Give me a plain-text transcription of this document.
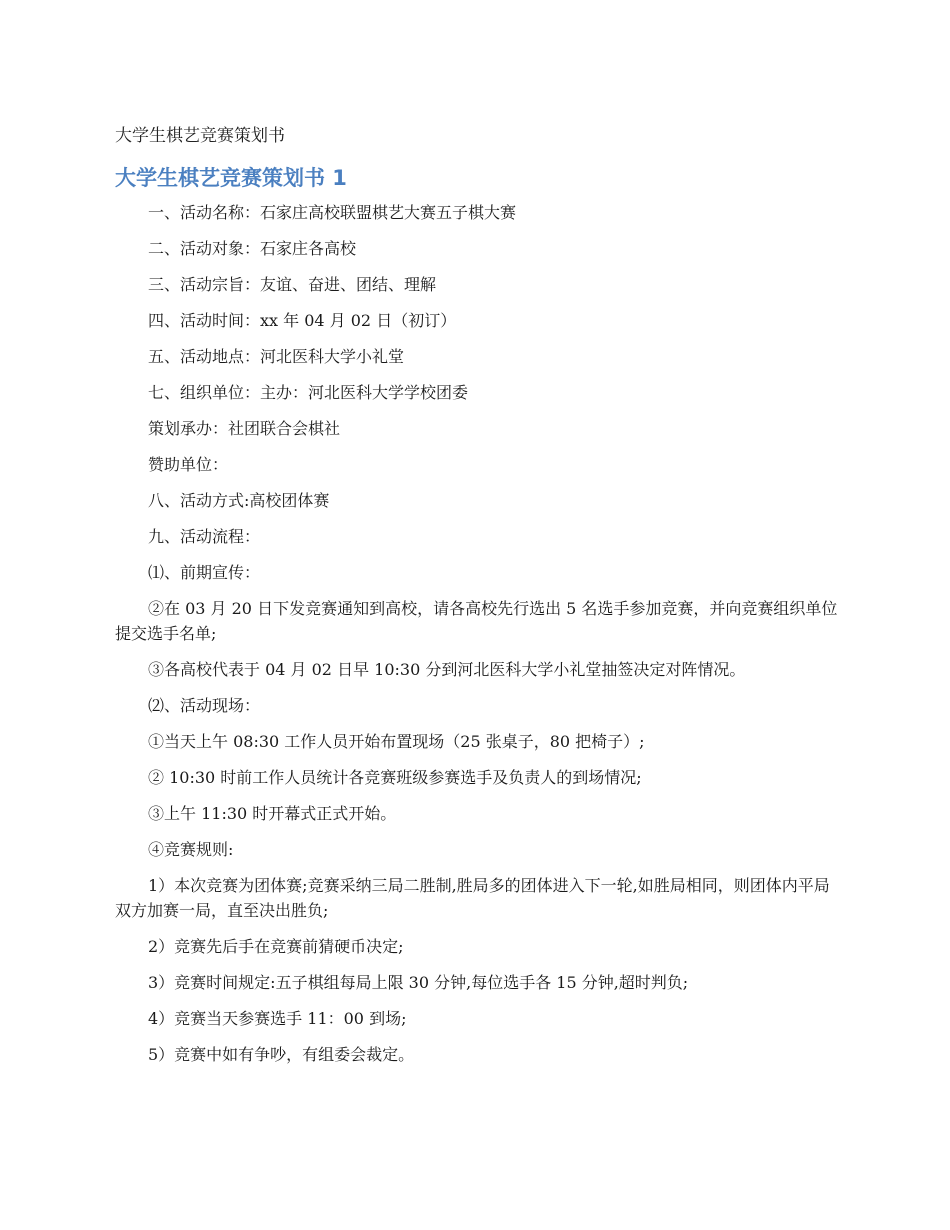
大学生棋艺竞赛策划书
大学生棋艺竞赛策划书 1

一、活动名称：石家庄高校联盟棋艺大赛五子棋大赛

二、活动对象：石家庄各高校

三、活动宗旨：友谊、奋进、团结、理解

四、活动时间：xx 年 04 月 02 日（初订）

五、活动地点：河北医科大学小礼堂

七、组织单位：主办：河北医科大学学校团委

策划承办：社团联合会棋社

赞助单位：

八、活动方式:高校团体赛

九、活动流程：

⑴、前期宣传：

②在 03 月 20 日下发竞赛通知到高校，请各高校先行选出 5 名选手参加竞赛，并向竞赛组织单位提交选手名单;

③各高校代表于 04 月 02 日早 10:30 分到河北医科大学小礼堂抽签决定对阵情况。

⑵、活动现场：

①当天上午 08:30 工作人员开始布置现场（25 张桌子，80 把椅子）;

② 10:30 时前工作人员统计各竞赛班级参赛选手及负责人的到场情况;

③上午 11:30 时开幕式正式开始。

④竞赛规则:

1）本次竞赛为团体赛;竞赛采纳三局二胜制,胜局多的团体进入下一轮,如胜局相同，则团体内平局双方加赛一局，直至决出胜负;

2）竞赛先后手在竞赛前猜硬币决定;

3）竞赛时间规定:五子棋组每局上限 30 分钟,每位选手各 15 分钟,超时判负;

4）竞赛当天参赛选手 11：00 到场;

5）竞赛中如有争吵，有组委会裁定。
